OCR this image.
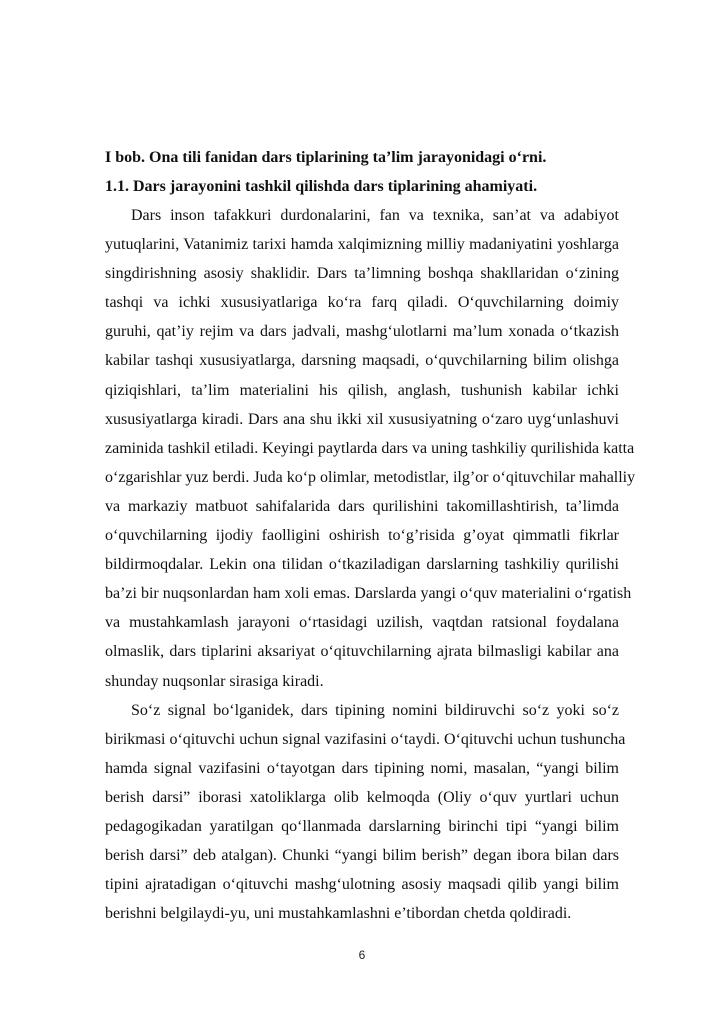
I bob. Ona tili fanidan dars tiplarining ta’lim jarayonidagi o‘rni.

1.1. Dars jarayonini tashkil qilishda dars tiplarining ahamiyati.

Dars inson tafakkuri durdonalarini, fan va texnika, san’at va adabiyot
yutuqlarini, Vatanimiz tarixi hamda xalqimizning milliy madaniyatini yoshlarga
singdirishning asosiy shaklidir. Dars ta’limning boshqa shakllaridan o‘zining
tashqi va ichki xususiyatlariga ko‘ra farq qiladi. O‘quvchilarning doimiy
guruhi, qat’iy rejim va dars jadvali, mashg‘ulotlarni ma’lum xonada o‘tkazish
kabilar tashqi xususiyatlarga, darsning maqsadi, o‘quvchilarning bilim olishga
qiziqishlari, ta’lim materialini his qilish, anglash, tushunish kabilar ichki
xususiyatlarga kiradi. Dars ana shu ikki xil xususiyatning o‘zaro uyg‘unlashuvi
zaminida tashkil etiladi. Keyingi paytlarda dars va uning tashkiliy qurilishida katta
o‘zgarishlar yuz berdi. Juda ko‘p olimlar, metodistlar, ilg’or o‘qituvchilar mahalliy
va markaziy matbuot sahifalarida dars qurilishini takomillashtirish, ta’limda
o‘quvchilarning ijodiy faolligini oshirish to‘g’risida g’oyat qimmatli fikrlar
bildirmoqdalar. Lekin ona tilidan o‘tkaziladigan darslarning tashkiliy qurilishi
ba’zi bir nuqsonlardan ham xoli emas. Darslarda yangi o‘quv materialini o‘rgatish
va mustahkamlash jarayoni o‘rtasidagi uzilish, vaqtdan ratsional foydalana
olmaslik, dars tiplarini aksariyat o‘qituvchilarning ajrata bilmasligi kabilar ana
shunday nuqsonlar sirasiga kiradi.
So‘z signal bo‘lganidek, dars tipining nomini bildiruvchi so‘z yoki so‘z
birikmasi o‘qituvchi uchun signal vazifasini o‘taydi. O‘qituvchi uchun tushuncha
hamda signal vazifasini o‘tayotgan dars tipining nomi, masalan, “yangi bilim
berish darsi” iborasi xatoliklarga olib kelmoqda (Oliy o‘quv yurtlari uchun
pedagogikadan yaratilgan qo‘llanmada darslarning birinchi tipi “yangi bilim
berish darsi” deb atalgan). Chunki “yangi bilim berish” degan ibora bilan dars
tipini ajratadigan o‘qituvchi mashg‘ulotning asosiy maqsadi qilib yangi bilim
berishni belgilaydi-yu, uni mustahkamlashni e’tibordan chetda qoldiradi.
6
